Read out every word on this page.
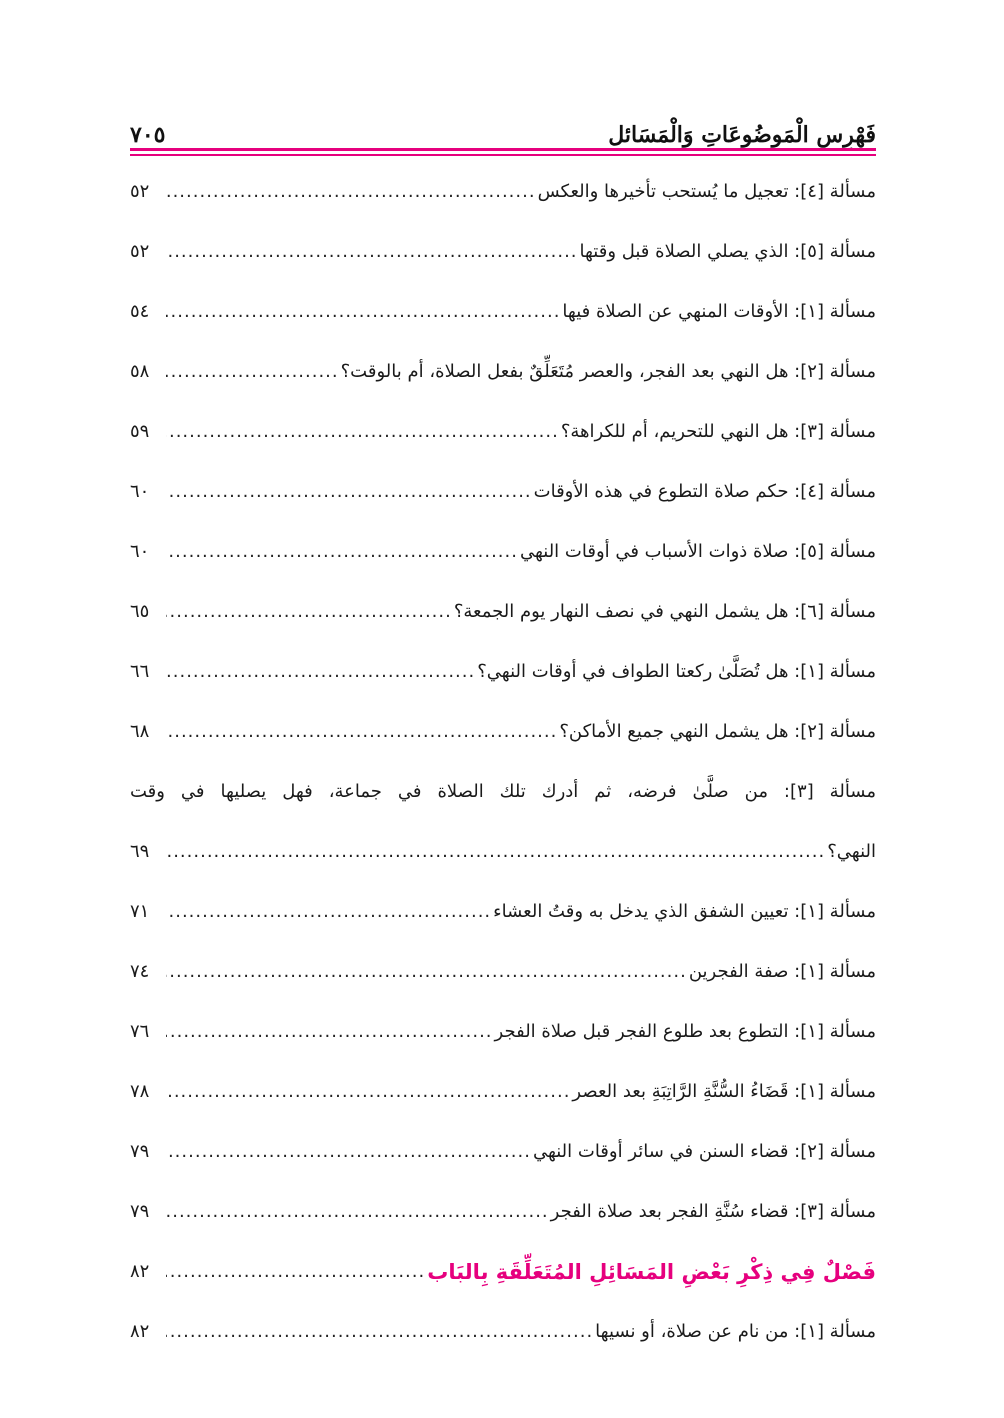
فَهْرِس الْمَوضُوعَاتِ وَالْمَسَائل
٧٠٥
مسألة [٤]: تعجيل ما يُستحب تأخيرها والعكس
.....
٥٢
مسألة [٥]: الذي يصلي الصلاة قبل وقتها
.....
٥٢
مسألة [١]: الأوقات المنهي عن الصلاة فيها
.....
٥٤
مسألة [٢]: هل النهي بعد الفجر، والعصر مُتَعَلِّقٌ بفعل الصلاة، أم بالوقت؟
.....
٥٨
مسألة [٣]: هل النهي للتحريم، أم للكراهة؟
.....
٥٩
مسألة [٤]: حكم صلاة التطوع في هذه الأوقات
.....
٦٠
مسألة [٥]: صلاة ذوات الأسباب في أوقات النهي
.....
٦٠
مسألة [٦]: هل يشمل النهي في نصف النهار يوم الجمعة؟
.....
٦٥
مسألة [١]: هل تُصَلَّىٰ ركعتا الطواف في أوقات النهي؟
.....
٦٦
مسألة [٢]: هل يشمل النهي جميع الأماكن؟
.....
٦٨
مسألة [٣]: من صلَّىٰ فرضه، ثم أدرك تلك الصلاة في جماعة، فهل يصليها في وقت
النهي؟
.....
٦٩
مسألة [١]: تعيين الشفق الذي يدخل به وقتُ العشاء
.....
٧١
مسألة [١]: صفة الفجرين
.....
٧٤
مسألة [١]: التطوع بعد طلوع الفجر قبل صلاة الفجر
.....
٧٦
مسألة [١]: قَضَاءُ السُّنَّةِ الرَّاتِبَةِ بعد العصر
.....
٧٨
مسألة [٢]: قضاء السنن في سائر أوقات النهي
.....
٧٩
مسألة [٣]: قضاء سُنَّةِ الفجر بعد صلاة الفجر
.....
٧٩
فَصْلٌ فِي ذِكْرِ بَعْضِ المَسَائِلِ المُتَعَلِّقَةِ بِالبَاب
.....
٨٢
مسألة [١]: من نام عن صلاة، أو نسيها
.....
٨٢
